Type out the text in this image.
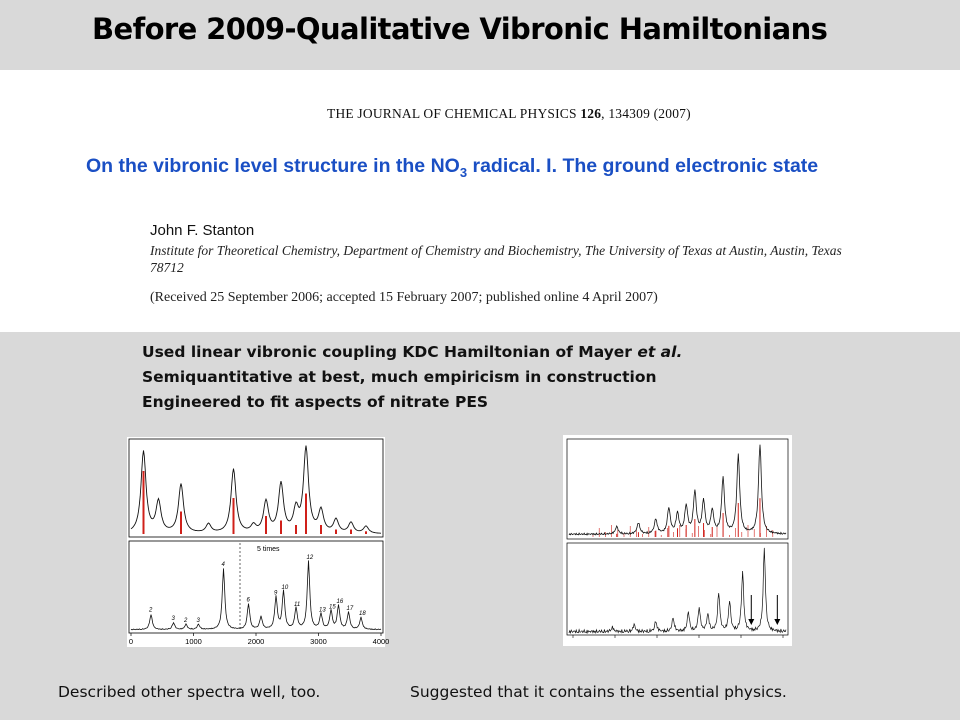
Before 2009-Qualitative Vibronic Hamiltonians
THE JOURNAL OF CHEMICAL PHYSICS 126, 134309 (2007)
On the vibronic level structure in the $NO_3$ radical. I. The ground electronic state
John F. Stanton
Institute for Theoretical Chemistry, Department of Chemistry and Biochemistry, The University of Texas at Austin, Austin, Texas 78712
(Received 25 September 2006; accepted 15 February 2007; published online 4 April 2007)
Used linear vibronic coupling KDC Hamiltonian of Mayer et al.
Semiquantitative at best, much empiricism in construction
Engineered to fit aspects of nitrate PES
5 times
2
3 2 3
4
6
9
10
11
12
13
15
16
17
18
0	1000	2000	3000	4000
Described other spectra well, too.	Suggested that it contains the essential physics.
